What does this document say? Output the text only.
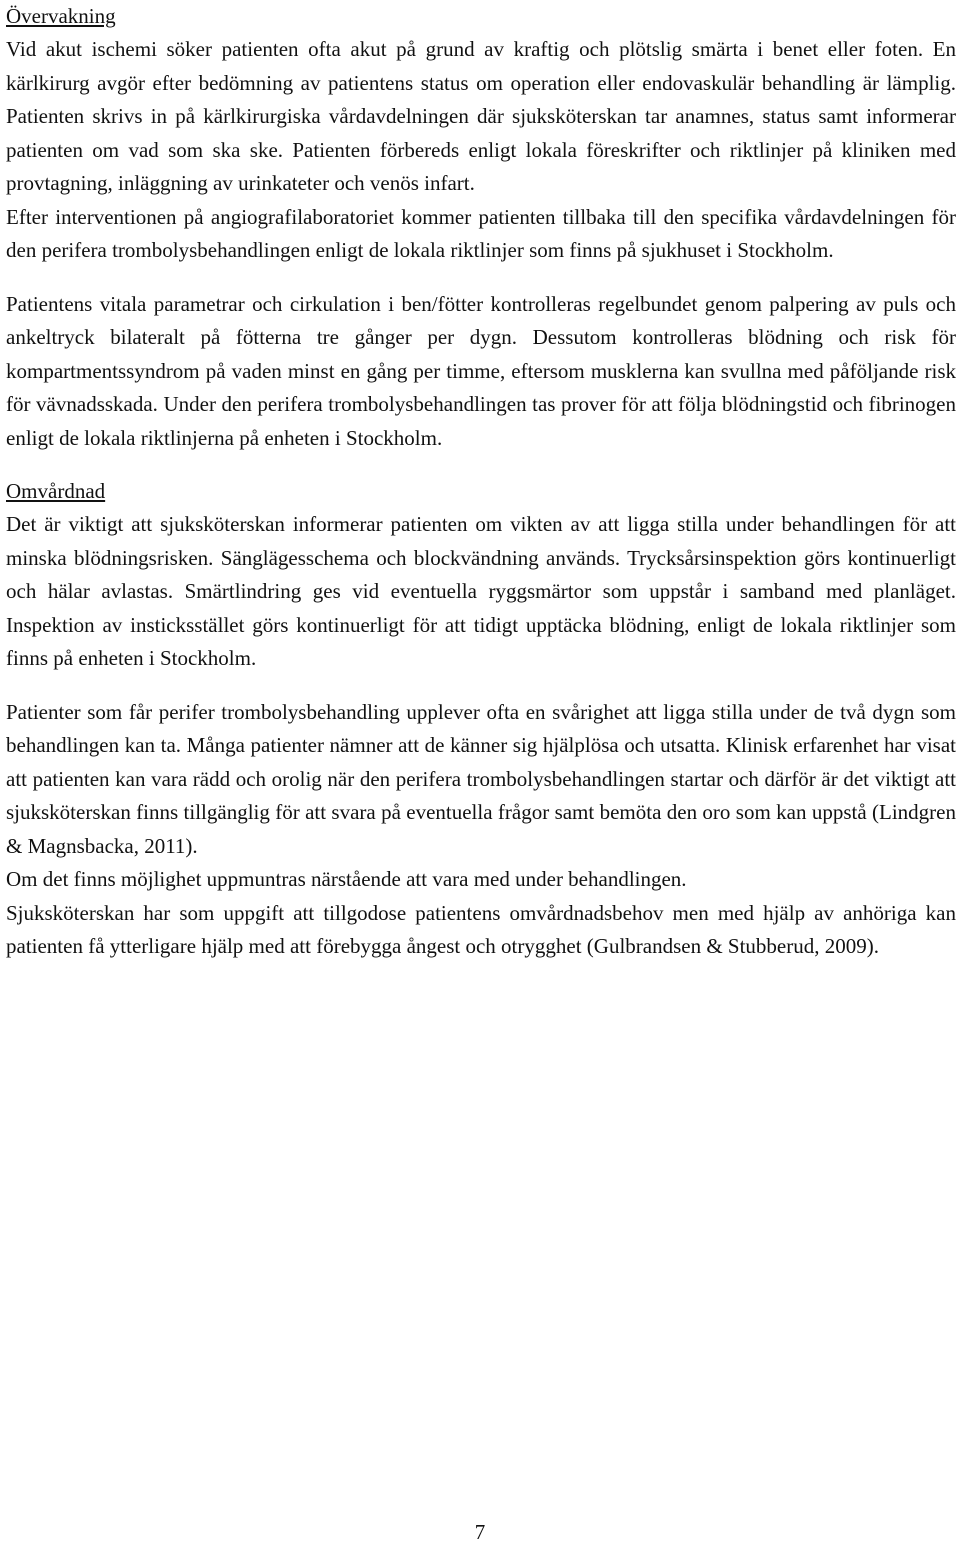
Övervakning

Vid akut ischemi söker patienten ofta akut på grund av kraftig och plötslig smärta i benet eller foten. En kärlkirurg avgör efter bedömning av patientens status om operation eller endovaskulär behandling är lämplig. Patienten skrivs in på kärlkirurgiska vårdavdelningen där sjuksköterskan tar anamnes, status samt informerar patienten om vad som ska ske. Patienten förbereds enligt lokala föreskrifter och riktlinjer på kliniken med provtagning, inläggning av urinkateter och venös infart.

Efter interventionen på angiografilaboratoriet kommer patienten tillbaka till den specifika vårdavdelningen för den perifera trombolysbehandlingen enligt de lokala riktlinjer som finns på sjukhuset i Stockholm.

Patientens vitala parametrar och cirkulation i ben/fötter kontrolleras regelbundet genom palpering av puls och ankeltryck bilateralt på fötterna tre gånger per dygn. Dessutom kontrolleras blödning och risk för kompartmentssyndrom på vaden minst en gång per timme, eftersom musklerna kan svullna med påföljande risk för vävnadsskada. Under den perifera trombolysbehandlingen tas prover för att följa blödningstid och fibrinogen enligt de lokala riktlinjerna på enheten i Stockholm.

Omvårdnad

Det är viktigt att sjuksköterskan informerar patienten om vikten av att ligga stilla under behandlingen för att minska blödningsrisken. Sänglägesschema och blockvändning används. Trycksårsinspektion görs kontinuerligt och hälar avlastas. Smärtlindring ges vid eventuella ryggsmärtor som uppstår i samband med planläget. Inspektion av insticksstället görs kontinuerligt för att tidigt upptäcka blödning, enligt de lokala riktlinjer som finns på enheten i Stockholm.

Patienter som får perifer trombolysbehandling upplever ofta en svårighet att ligga stilla under de två dygn som behandlingen kan ta. Många patienter nämner att de känner sig hjälplösa och utsatta. Klinisk erfarenhet har visat att patienten kan vara rädd och orolig när den perifera trombolysbehandlingen startar och därför är det viktigt att sjuksköterskan finns tillgänglig för att svara på eventuella frågor samt bemöta den oro som kan uppstå (Lindgren & Magnsbacka, 2011).

Om det finns möjlighet uppmuntras närstående att vara med under behandlingen.

Sjuksköterskan har som uppgift att tillgodose patientens omvårdnadsbehov men med hjälp av anhöriga kan patienten få ytterligare hjälp med att förebygga ångest och otrygghet (Gulbrandsen & Stubberud, 2009).

7
